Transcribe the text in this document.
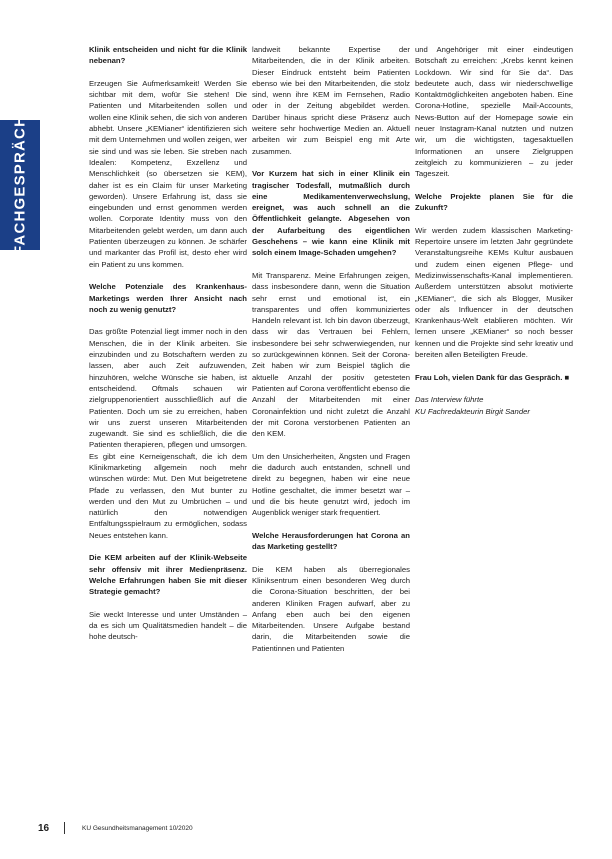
FACHGESPRÄCH

Klinik entscheiden und nicht für die Klinik nebenan?

Erzeugen Sie Aufmerksamkeit! Werden Sie sichtbar mit dem, wofür Sie stehen! Die Patienten und Mitarbeitenden sollen und wollen eine Klinik sehen, die sich von anderen abhebt. Unsere „KEMianer“ identifizieren sich mit dem Unternehmen und wollen zeigen, wer sie sind und was sie leben. Sie streben nach Idealen: Kompetenz, Exzellenz und Menschlichkeit (so übersetzen sie KEM), daher ist es ein Claim für unser Marketing geworden). Unsere Erfahrung ist, dass sie eingebunden und ernst genommen werden wollen. Corporate Identity muss von den Mitarbeitenden gelebt werden, um dann auch Patienten überzeugen zu können. Je schärfer und markanter das Profil ist, desto eher wird ein Patient zu uns kommen.

Welche Potenziale des Krankenhaus-Marketings werden Ihrer Ansicht nach noch zu wenig genutzt?

Das größte Potenzial liegt immer noch in den Menschen, die in der Klinik arbeiten. Sie einzubinden und zu Botschaftern werden zu lassen, aber auch Zeit aufzuwenden, hinzuhören, welche Wünsche sie haben, ist entscheidend. Oftmals schauen wir zielgruppenorientiert ausschließlich auf die Patienten. Doch um sie zu erreichen, haben wir uns zuerst unseren Mitarbeitenden zugewandt. Sie sind es schließlich, die die Patienten therapieren, pflegen und umsorgen. Es gibt eine Kerneigenschaft, die ich dem Klinikmarketing allgemein noch mehr wünschen würde: Mut. Den Mut beigetretene Pfade zu verlassen, den Mut bunter zu werden und den Mut zu Umbrüchen – und natürlich den notwendigen Entfaltungsspielraum zu ermöglichen, sodass Neues entstehen kann.

Die KEM arbeiten auf der Klinik-Webseite sehr offensiv mit ihrer Medienpräsenz. Welche Erfahrungen haben Sie mit dieser Strategie gemacht?

Sie weckt Interesse und unter Umständen – da es sich um Qualitätsmedien handelt – die hohe deutsch-

landweit bekannte Expertise der Mitarbeitenden, die in der Klinik arbeiten. Dieser Eindruck entsteht beim Patienten ebenso wie bei den Mitarbeitenden, die stolz sind, wenn ihre KEM im Fernsehen, Radio oder in der Zeitung abgebildet werden. Darüber hinaus spricht diese Präsenz auch weitere sehr hochwertige Medien an. Aktuell arbeiten wir zum Beispiel eng mit Arte zusammen.

Vor Kurzem hat sich in einer Klinik ein tragischer Todesfall, mutmaßlich durch eine Medikamentenverwechslung, ereignet, was auch schnell an die Öffentlichkeit gelangte. Abgesehen von der Aufarbeitung des eigentlichen Geschehens – wie kann eine Klinik mit solch einem Image-Schaden umgehen?

Mit Transparenz. Meine Erfahrungen zeigen, dass insbesondere dann, wenn die Situation sehr ernst und emotional ist, ein transparentes und offen kommuniziertes Handeln relevant ist. Ich bin davon überzeugt, dass wir das Vertrauen bei Fehlern, insbesondere bei sehr schwerwiegenden, nur so zurückgewinnen können. Seit der Corona-Zeit haben wir zum Beispiel täglich die aktuelle Anzahl der positiv getesteten Patienten auf Corona veröffentlicht ebenso die Anzahl der Mitarbeitenden mit einer Coronainfektion und nicht zuletzt die Anzahl der mit Corona verstorbenen Patienten an den KEM.

Um den Unsicherheiten, Ängsten und Fragen die dadurch auch entstanden, schnell und direkt zu begegnen, haben wir eine neue Hotline geschaltet, die immer besetzt war – und die bis heute genutzt wird, jedoch im Augenblick weniger stark frequentiert.

Welche Herausforderungen hat Corona an das Marketing gestellt?

Die KEM haben als überregionales Kliniksentrum einen besonderen Weg durch die Corona-Situation beschritten, der bei anderen Kliniken Fragen aufwarf, aber zu Anfang eben auch bei den eigenen Mitarbeitenden. Unsere Aufgabe bestand darin, die Mitarbeitenden sowie die Patientinnen und Patienten

und Angehöriger mit einer eindeutigen Botschaft zu erreichen: „Krebs kennt keinen Lockdown. Wir sind für Sie da“. Das bedeutete auch, dass wir niederschwellige Kontaktmöglichkeiten angeboten haben. Eine Corona-Hotline, spezielle Mail-Accounts, News-Button auf der Homepage sowie ein neuer Instagram-Kanal nutzten und nutzen wir, um die wichtigsten, tagesaktuellen Informationen an unsere Zielgruppen zeitgleich zu kommunizieren – zu jeder Tageszeit.

Welche Projekte planen Sie für die Zukunft?

Wir werden zudem klassischen Marketing-Repertoire unsere im letzten Jahr gegründete Veranstaltungsreihe KEMs Kultur ausbauen und zudem einen eigenen Pflege- und Medizinwissenschafts-Kanal implementieren. Außerdem unterstützen absolut motivierte „KEMianer“, die sich als Blogger, Musiker oder als Influencer in der deutschen Krankenhaus-Welt etablieren möchten. Wir lernen unsere „KEMianer“ so noch besser kennen und die Projekte sind sehr kreativ und bereiten allen Beteiligten Freude.

Frau Loh, vielen Dank für das Gespräch. ■

Das Interview führte

KU Fachredakteurin Birgit Sander

16	KU Gesundheitsmanagement 10/2020
